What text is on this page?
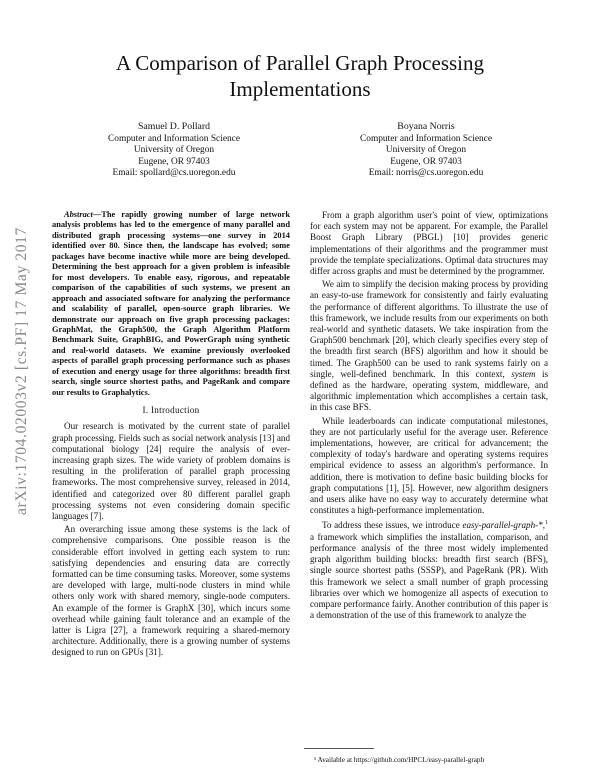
arXiv:1704.02003v2 [cs.PF] 17 May 2017
A Comparison of Parallel Graph Processing Implementations
Samuel D. Pollard
Computer and Information Science
University of Oregon
Eugene, OR 97403
Email: spollard@cs.uoregon.edu
Boyana Norris
Computer and Information Science
University of Oregon
Eugene, OR 97403
Email: norris@cs.uoregon.edu

Abstract—The rapidly growing number of large network analysis problems has led to the emergence of many parallel and distributed graph processing systems—one survey in 2014 identified over 80. Since then, the landscape has evolved; some packages have become inactive while more are being developed. Determining the best approach for a given problem is infeasible for most developers. To enable easy, rigorous, and repeatable comparison of the capabilities of such systems, we present an approach and associated software for analyzing the performance and scalability of parallel, open-source graph libraries. We demonstrate our approach on five graph processing packages: GraphMat, the Graph500, the Graph Algorithm Platform Benchmark Suite, GraphBIG, and PowerGraph using synthetic and real-world datasets. We examine previously overlooked aspects of parallel graph processing performance such as phases of execution and energy usage for three algorithms: breadth first search, single source shortest paths, and PageRank and compare our results to Graphalytics.

I. Introduction

Our research is motivated by the current state of parallel graph processing. Fields such as social network analysis [13] and computational biology [24] require the analysis of ever-increasing graph sizes. The wide variety of problem domains is resulting in the proliferation of parallel graph processing frameworks. The most comprehensive survey, released in 2014, identified and categorized over 80 different parallel graph processing systems not even considering domain specific languages [7].

An overarching issue among these systems is the lack of comprehensive comparisons. One possible reason is the considerable effort involved in getting each system to run: satisfying dependencies and ensuring data are correctly formatted can be time consuming tasks. Moreover, some systems are developed with large, multi-node clusters in mind while others only work with shared memory, single-node computers. An example of the former is GraphX [30], which incurs some overhead while gaining fault tolerance and an example of the latter is Ligra [27], a framework requiring a shared-memory architecture. Additionally, there is a growing number of systems designed to run on GPUs [31].

From a graph algorithm user's point of view, optimizations for each system may not be apparent. For example, the Parallel Boost Graph Library (PBGL) [10] provides generic implementations of their algorithms and the programmer must provide the template specializations. Optimal data structures may differ across graphs and must be determined by the programmer.

We aim to simplify the decision making process by providing an easy-to-use framework for consistently and fairly evaluating the performance of different algorithms. To illustrate the use of this framework, we include results from our experiments on both real-world and synthetic datasets. We take inspiration from the Graph500 benchmark [20], which clearly specifies every step of the breadth first search (BFS) algorithm and how it should be timed. The Graph500 can be used to rank systems fairly on a single, well-defined benchmark. In this context, system is defined as the hardware, operating system, middleware, and algorithmic implementation which accomplishes a certain task, in this case BFS.

While leaderboards can indicate computational milestones, they are not particularly useful for the average user. Reference implementations, however, are critical for advancement; the complexity of today's hardware and operating systems requires empirical evidence to assess an algorithm's performance. In addition, there is motivation to define basic building blocks for graph computations [1], [5]. However, new algorithm designers and users alike have no easy way to accurately determine what constitutes a high-performance implementation.

To address these issues, we introduce easy-parallel-graph-*,$^1$ a framework which simplifies the installation, comparison, and performance analysis of the three most widely implemented graph algorithm building blocks: breadth first search (BFS), single source shortest paths (SSSP), and PageRank (PR). With this framework we select a small number of graph processing libraries over which we homogenize all aspects of execution to compare performance fairly. Another contribution of this paper is a demonstration of the use of this framework to analyze the

¹ Available at https://github.com/HPCL/easy-parallel-graph
